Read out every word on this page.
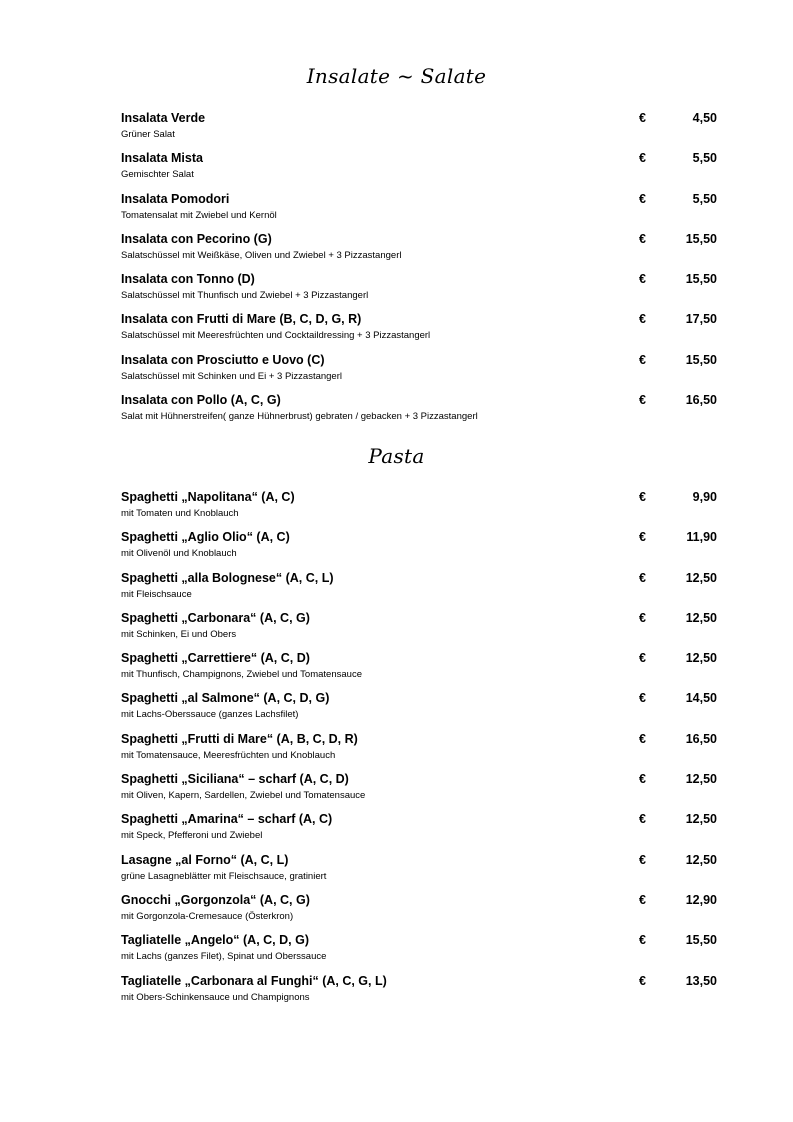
Insalate ~ Salate
Insalata Verde
Grüner Salat
€	4,50
Insalata Mista
Gemischter Salat
€	5,50
Insalata Pomodori
Tomatensalat mit Zwiebel und Kernöl
€	5,50
Insalata con Pecorino (G)
Salatschüssel mit Weißkäse, Oliven und Zwiebel + 3 Pizzastangerl
€	15,50
Insalata con Tonno (D)
Salatschüssel mit Thunfisch und Zwiebel + 3 Pizzastangerl
€	15,50
Insalata con Frutti di Mare (B, C, D, G, R)
Salatschüssel mit Meeresfrüchten und Cocktaildressing + 3 Pizzastangerl
€	17,50
Insalata con Prosciutto e Uovo (C)
Salatschüssel mit Schinken und Ei + 3 Pizzastangerl
€	15,50
Insalata con Pollo (A, C, G)
Salat mit Hühnerstreifen( ganze Hühnerbrust) gebraten / gebacken + 3 Pizzastangerl
€	16,50
Pasta
Spaghetti „Napolitana“ (A, C)
mit Tomaten und Knoblauch
€	9,90
Spaghetti „Aglio Olio“ (A, C)
mit Olivenöl und Knoblauch
€	11,90
Spaghetti „alla Bolognese“ (A, C, L)
mit Fleischsauce
€	12,50
Spaghetti „Carbonara“ (A, C, G)
mit Schinken, Ei und Obers
€	12,50
Spaghetti „Carrettiere“ (A, C, D)
mit Thunfisch, Champignons, Zwiebel und Tomatensauce
€	12,50
Spaghetti „al Salmone“ (A, C, D, G)
mit Lachs-Oberssauce (ganzes Lachsfilet)
€	14,50
Spaghetti „Frutti di Mare“ (A, B, C, D, R)
mit Tomatensauce, Meeresfrüchten und Knoblauch
€	16,50
Spaghetti „Siciliana“ – scharf (A, C, D)
mit Oliven, Kapern, Sardellen, Zwiebel und Tomatensauce
€	12,50
Spaghetti „Amarina“ – scharf (A, C)
mit Speck, Pfefferoni und Zwiebel
€	12,50
Lasagne „al Forno“ (A, C, L)
grüne Lasagneblätter mit Fleischsauce, gratiniert
€	12,50
Gnocchi „Gorgonzola“ (A, C, G)
mit Gorgonzola-Cremesauce (Österkron)
€	12,90
Tagliatelle „Angelo“ (A, C, D, G)
mit Lachs (ganzes Filet), Spinat und Oberssauce
€	15,50
Tagliatelle „Carbonara al Funghi“ (A, C, G, L)
mit Obers-Schinkensauce und Champignons
€	13,50
